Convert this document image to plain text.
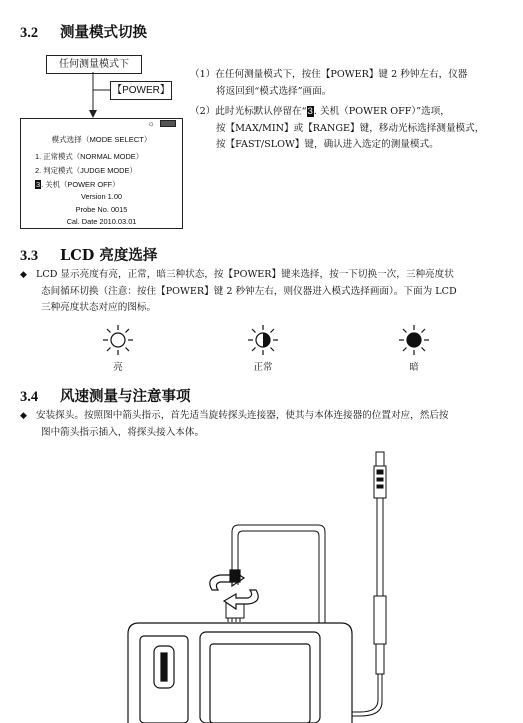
3.2 测量模式切换
任何测量模式下
【POWER】
☼
模式选择（MODE SELECT）
1. 正常模式（NORMAL MODE）
2. 判定模式（JUDGE MODE）
3. 关机（POWER OFF）
Version 1.00
Probe No. 0015
Cal. Date 2010.03.01
（1）在任何测量模式下，按住【POWER】键 2 秒钟左右，仪器
将返回到“模式选择”画面。
（2）此时光标默认停留在“3. 关机（POWER OFF）”选项，
按【MAX/MIN】或【RANGE】键，移动光标选择测量模式，
按【FAST/SLOW】键，确认进入选定的测量模式。
3.3 LCD 亮度选择
◆ LCD 显示亮度有亮，正常，暗三种状态，按【POWER】键来选择，按一下切换一次，三种亮度状
态间循环切换（注意：按住【POWER】键 2 秒钟左右，则仪器进入模式选择画面）。下面为 LCD
三种亮度状态对应的图标。
亮	正常	暗
3.4 风速测量与注意事项
◆ 安装探头。按照图中箭头指示，首先适当旋转探头连接器，使其与本体连接器的位置对应，然后按
图中箭头指示插入，将探头接入本体。
